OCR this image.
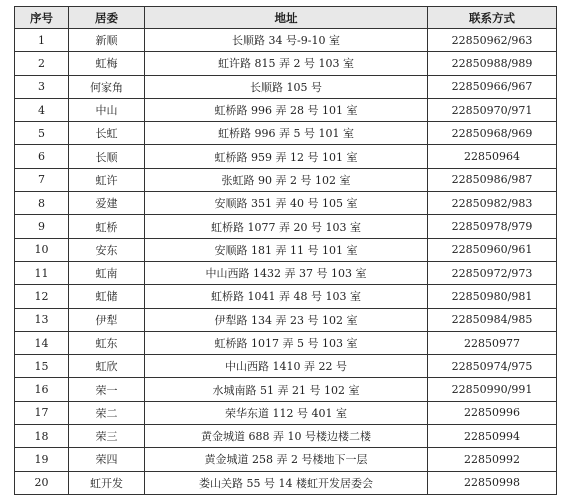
序号	居委	地址	联系方式
1	新顺	长顺路 34 号-9-10 室	22850962/963
2	虹梅	虹许路 815 弄 2 号 103 室	22850988/989
3	何家角	长顺路 105 号	22850966/967
4	中山	虹桥路 996 弄 28 号 101 室	22850970/971
5	长虹	虹桥路 996 弄 5 号 101 室	22850968/969
6	长顺	虹桥路 959 弄 12 号 101 室	22850964
7	虹许	张虹路 90 弄 2 号 102 室	22850986/987
8	爱建	安顺路 351 弄 40 号 105 室	22850982/983
9	虹桥	虹桥路 1077 弄 20 号 103 室	22850978/979
10	安东	安顺路 181 弄 11 号 101 室	22850960/961
11	虹南	中山西路 1432 弄 37 号 103 室	22850972/973
12	虹储	虹桥路 1041 弄 48 号 103 室	22850980/981
13	伊犁	伊犁路 134 弄 23 号 102 室	22850984/985
14	虹东	虹桥路 1017 弄 5 号 103 室	22850977
15	虹欣	中山西路 1410 弄 22 号	22850974/975
16	荣一	水城南路 51 弄 21 号 102 室	22850990/991
17	荣二	荣华东道 112 号 401 室	22850996
18	荣三	黄金城道 688 弄 10 号楼边楼二楼	22850994
19	荣四	黄金城道 258 弄 2 号楼地下一层	22850992
20	虹开发	娄山关路 55 号 14 楼虹开发居委会	22850998
